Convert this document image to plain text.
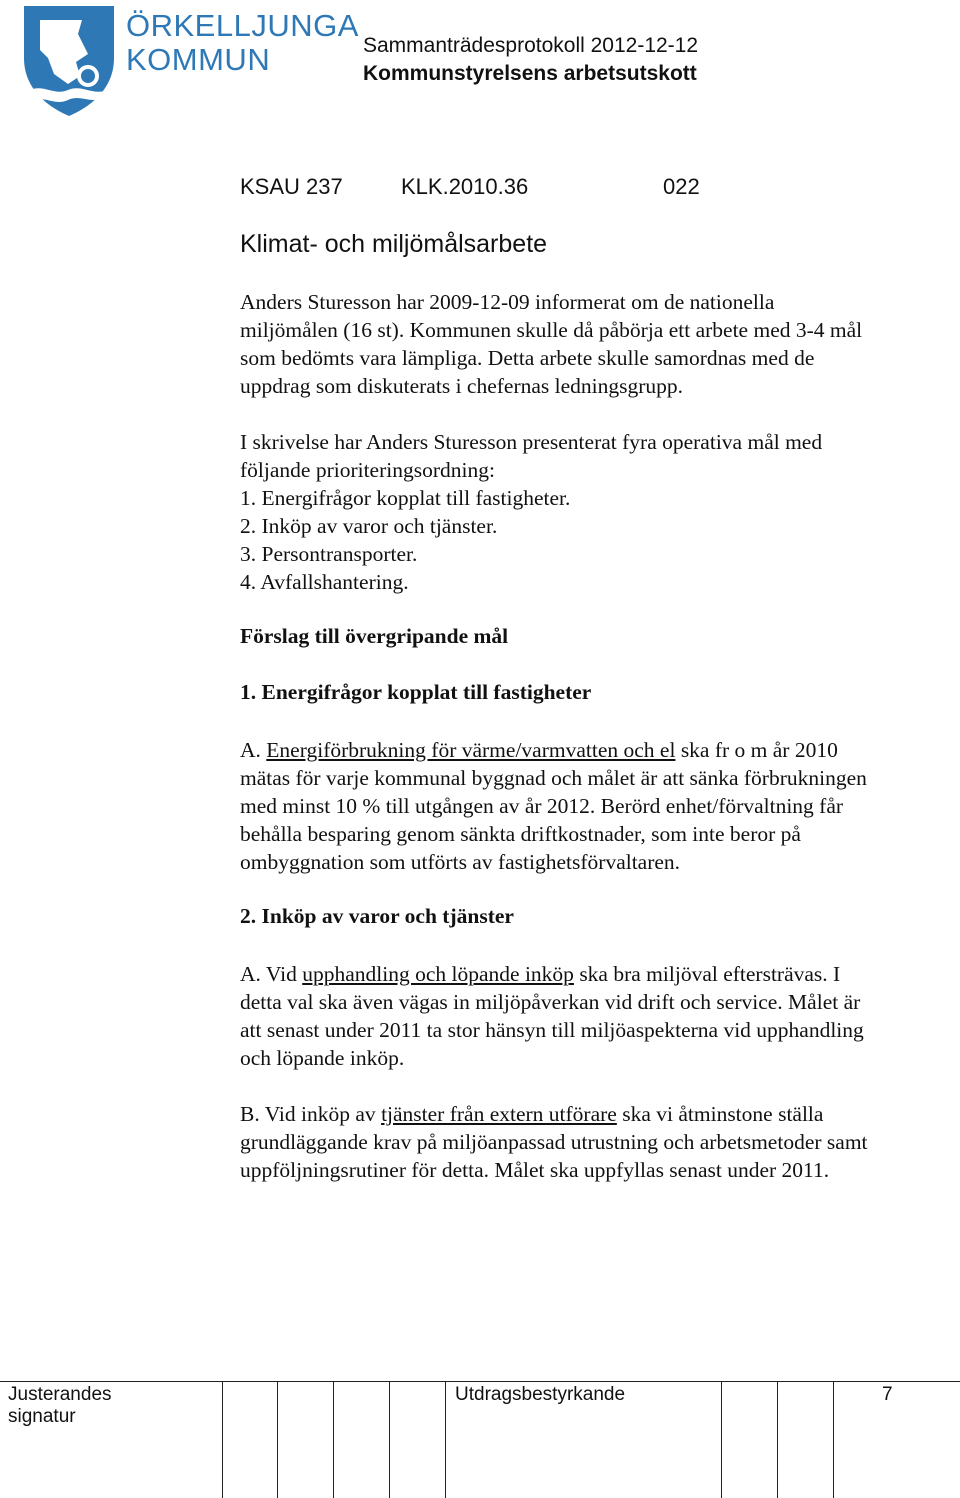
ÖRKELLJUNGA
KOMMUN	Sammanträdesprotokoll 2012-12-12
Kommunstyrelsens arbetsutskott
KSAU 237	KLK.2010.36	022
Klimat- och miljömålsarbete
Anders Sturesson har 2009-12-09 informerat om de nationella
miljömålen (16 st). Kommunen skulle då påbörja ett arbete med 3-4 mål
som bedömts vara lämpliga. Detta arbete skulle samordnas med de
uppdrag som diskuterats i chefernas ledningsgrupp.
I skrivelse har Anders Sturesson presenterat fyra operativa mål med
följande prioriteringsordning:
1. Energifrågor kopplat till fastigheter.
2. Inköp av varor och tjänster.
3. Persontransporter.
4. Avfallshantering.
Förslag till övergripande mål
1. Energifrågor kopplat till fastigheter
A. Energiförbrukning för värme/varmvatten och el ska fr o m år 2010
mätas för varje kommunal byggnad och målet är att sänka förbrukningen
med minst 10 % till utgången av år 2012. Berörd enhet/förvaltning får
behålla besparing genom sänkta driftkostnader, som inte beror på
ombyggnation som utförts av fastighetsförvaltaren.
2. Inköp av varor och tjänster
A. Vid upphandling och löpande inköp ska bra miljöval eftersträvas. I
detta val ska även vägas in miljöpåverkan vid drift och service. Målet är
att senast under 2011 ta stor hänsyn till miljöaspekterna vid upphandling
och löpande inköp.
B. Vid inköp av tjänster från extern utförare ska vi åtminstone ställa
grundläggande krav på miljöanpassad utrustning och arbetsmetoder samt
uppföljningsrutiner för detta. Målet ska uppfyllas senast under 2011.
Justerandes
signatur
Utdragsbestyrkande	7
